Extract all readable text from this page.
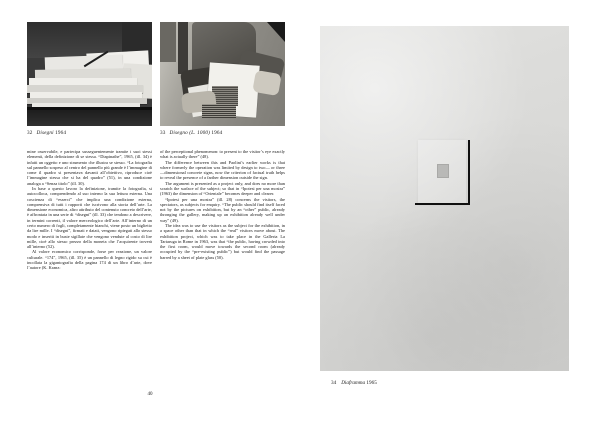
32 Disegni 1964	33 Disegno (L. 1000) 1964

mine osservabile, e partecipa susseguentemente tramite i suoi stessi elementi, della definizione di se stessa. “Diapinathe”, 1965, (ill. 34) è infatti un oggetto e uno strumento che illustra se stesso. “La fotografia sul pannello sospeso al centro del pannello più grande è l’immagine di come il quadro si presentava davanti all’obiettivo, riproduce cioè l’immagine stessa che si ha del quadro” (51), in una condizione analoga a “Senza titolo” (ill. 30).

In base a questo lavoro la definizione, tramite la fotografia, si autocolloca, comprendendo al suo interno la sua lettura esterna. Una coscienza di “esserci” che implica una condizione esterna, comprensiva di tutti i rapporti che iscrivono alla storia dell’arte. La dimensione economica, altro attributo del contenuto concreto dell’arte, è affrontata in una serie di “disegni” (ill. 33) che tendono a descrivere, in termini correnti, il valore merceologico dell’arte. All’interno di un certo numero di fogli, completamente bianchi, viene posto un biglietto da lire mille. I “disegni”, firmati e datati, vengono ripiegati allo stesso modo e inseriti in buste sigillate che vengono vendute al costo di lire mille, cioè allo stesso prezzo della moneta che l’acquirente troverà all’interno (52).

Al valore economico corrisponde, forse per reazione, un valore culturale. “174”, 1965, (ill. 35) è un pannello di legno rigido su cui è incollata la gigantografia della pagina 174 di un libro d’arte, dove l’autore (K. Kranz:

of the perceptional phenomenon: to present to the visitor’s eye exactly what is actually there” (48).

The difference between this and Paolini’s earlier works is that where formerly the operation was limited by design to two— or three—dimensional concrete signs, now the criterion of factual truth helps to reveal the presence of a farther dimension outside the sign.

The argument is presented as a project only, and does no more than scratch the surface of the subject; so that in “Ipotesi per una mostra” (1963) the dimension of “Orientale” becomes deeper and clearer.

“Ipotesi per una mostra” (ill. 28) concerns the visitors, the spectators, as subjects for enquiry. “The public should find itself faced not by the pictures on exhibition, but by an “other” public, already thronging the gallery, making up an exhibition already well under way” (49).

The idea was to use the visitors as the subject for the exhibition, in a space other than that in which the “real” visitors move about. The exhibition project, which was to take place in the Galleria La Tartaruga in Rome in 1963, was that “the public, having crowded into the first room, would move towards the second room (already occupied by the “pre-existing public”) but would find the passage barred by a sheet of plate glass (50).

40
34 Diaframma 1965
